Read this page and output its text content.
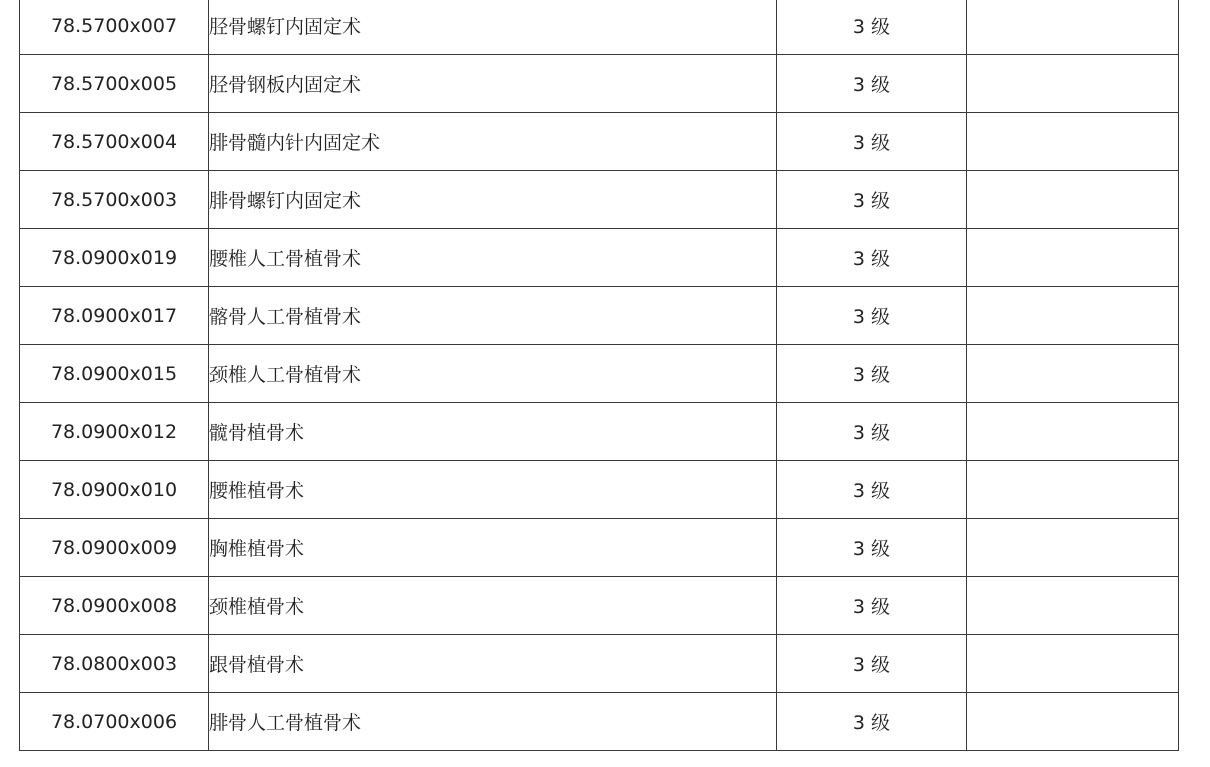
78.5700x007	胫骨螺钉内固定术	3 级	
78.5700x005	胫骨钢板内固定术	3 级	
78.5700x004	腓骨髓内针内固定术	3 级	
78.5700x003	腓骨螺钉内固定术	3 级	
78.0900x019	腰椎人工骨植骨术	3 级	
78.0900x017	髂骨人工骨植骨术	3 级	
78.0900x015	颈椎人工骨植骨术	3 级	
78.0900x012	髋骨植骨术	3 级	
78.0900x010	腰椎植骨术	3 级	
78.0900x009	胸椎植骨术	3 级	
78.0900x008	颈椎植骨术	3 级	
78.0800x003	跟骨植骨术	3 级	
78.0700x006	腓骨人工骨植骨术	3 级	
